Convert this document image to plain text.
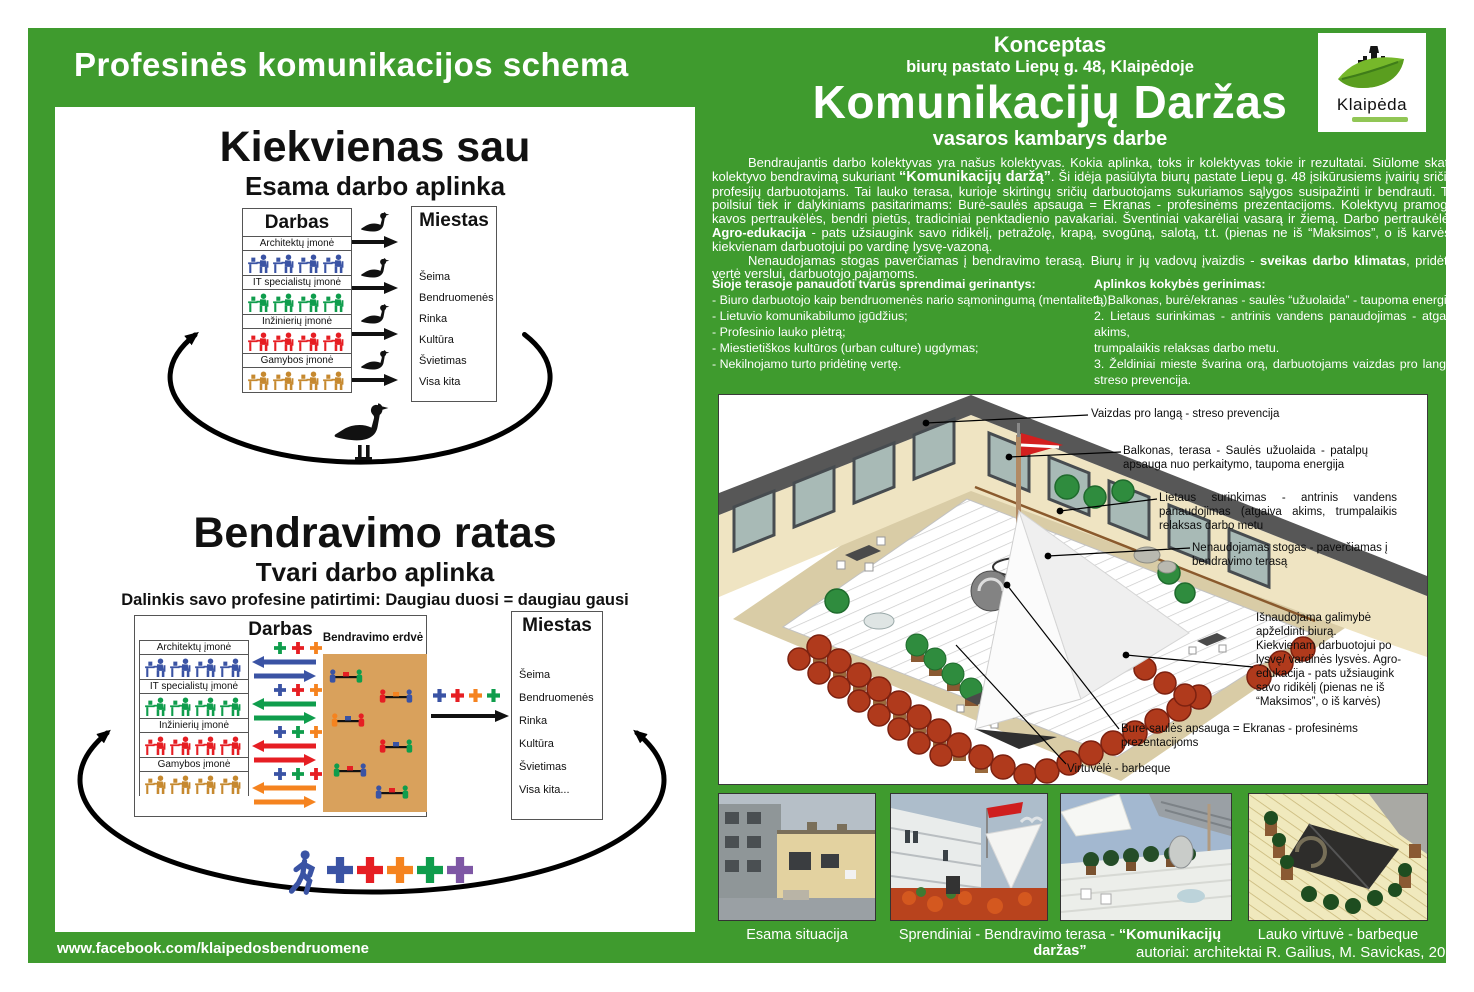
Profesinės komunikacijos schema
Konceptas
biurų pastato Liepų g. 48, Klaipėdoje
Komunikacijų Daržas
vasaros kambarys darbe
Klaipėda

Bendraujantis darbo kolektyvas yra našus kolektyvas. Kokia aplinka, toks ir kolektyvas tokie ir rezultatai. Siūlome skatinti kolektyvo bendravimą sukuriant “Komunikacijų daržą”. Ši idėja pasiūlyta biurų pastate Liepų g. 48 įsikūrusiems įvairių sričių ir profesijų darbuotojams. Tai lauko terasa, kurioje skirtingų sričių darbuotojams sukuriamos sąlygos susipažinti ir bendrauti. Tiek poilsiui tiek ir dalykiniams pasitarimams: Burė-saulės apsauga = Ekranas - profesinėms prezentacijoms. Kolektyvų pramoga - kavos pertraukėlės, bendri pietūs, tradiciniai penktadienio pavakariai. Šventiniai vakarėliai vasarą ir žiemą. Darbo pertraukėlės - Agro-edukacija - pats užsiaugink savo ridikėlį, petražolę, krapą, svogūną, salotą, t.t. (pienas ne iš “Maksimos”, o iš karvės) - kiekvienam darbuotojui po vardinę lysvę-vazoną.

Nenaudojamas stogas paverčiamas į bendravimo terasą. Biurų ir jų vadovų įvaizdis - sveikas darbo klimatas, pridėtinė vertė verslui, darbuotojo pajamoms.

Šioje terasoje panaudoti tvarūs sprendimai gerinantys:
- Biuro darbuotojo kaip bendruomenės nario sąmoningumą (mentalitetą);
- Lietuvio komunikabilumo įgūdžius;
- Profesinio lauko plėtrą;
- Miestietiškos kultūros (urban culture) ugdymas;
- Nekilnojamo turto pridėtinę vertę.
Aplinkos kokybės gerinimas:
1. Balkonas, burė/ekranas - saulės “užuolaida” - taupoma energija,
2. Lietaus surinkimas - antrinis vandens panaudojimas - atgaiva akims,
trumpalaikis relaksas darbo metu.
3. Želdiniai mieste švarina orą, darbuotojams vaizdas pro langą - streso prevencija.
Kiekvienas sau
Esama darbo aplinka
Darbas
Architektų įmonė
IT specialistų įmonė
Inžinierių įmonė
Gamybos įmonė
Miestas
Šeima
Bendruomenės
Rinka
Kultūra
Švietimas
Visa kita
Bendravimo ratas
Tvari darbo aplinka
Dalinkis savo profesine patirtimi: Daugiau duosi = daugiau gausi
Darbas
Architektų įmonė
IT specialistų įmonė
Inžinierių įmonė
Gamybos įmonė
Bendravimo erdvė
Miestas
Šeima
Bendruomenės
Rinka
Kultūra
Švietimas
Visa kita...
Vaizdas pro langą - streso prevencija
Balkonas, terasa - Saulės užuolaida - patalpų apsauga nuo perkaitymo, taupoma energija
Lietaus surinkimas - antrinis vandens panaudojimas (atgaiva akims, trumpalaikis relaksas darbo metu
Nenaudojamas stogas - paverčiamas į bendravimo terasą
Išnaudojama galimybė apželdinti biurą.
Kiekvienam darbuotojui po lysvę/ vardinės lysvės. Agro-edukacija - pats užsiaugink savo ridikėlį (pienas ne iš “Maksimos”, o iš karvės)
Burė-saulės apsauga = Ekranas - profesinėms prezentacijoms
Virtuvėlė - barbeque
Esama situacija	Sprendiniai - Bendravimo terasa - “Komunikacijų daržas”
Lauko virtuvė - barbeque
www.facebook.com/klaipedosbendruomene	autoriai: architektai R. Gailius, M. Savickas, 2014
